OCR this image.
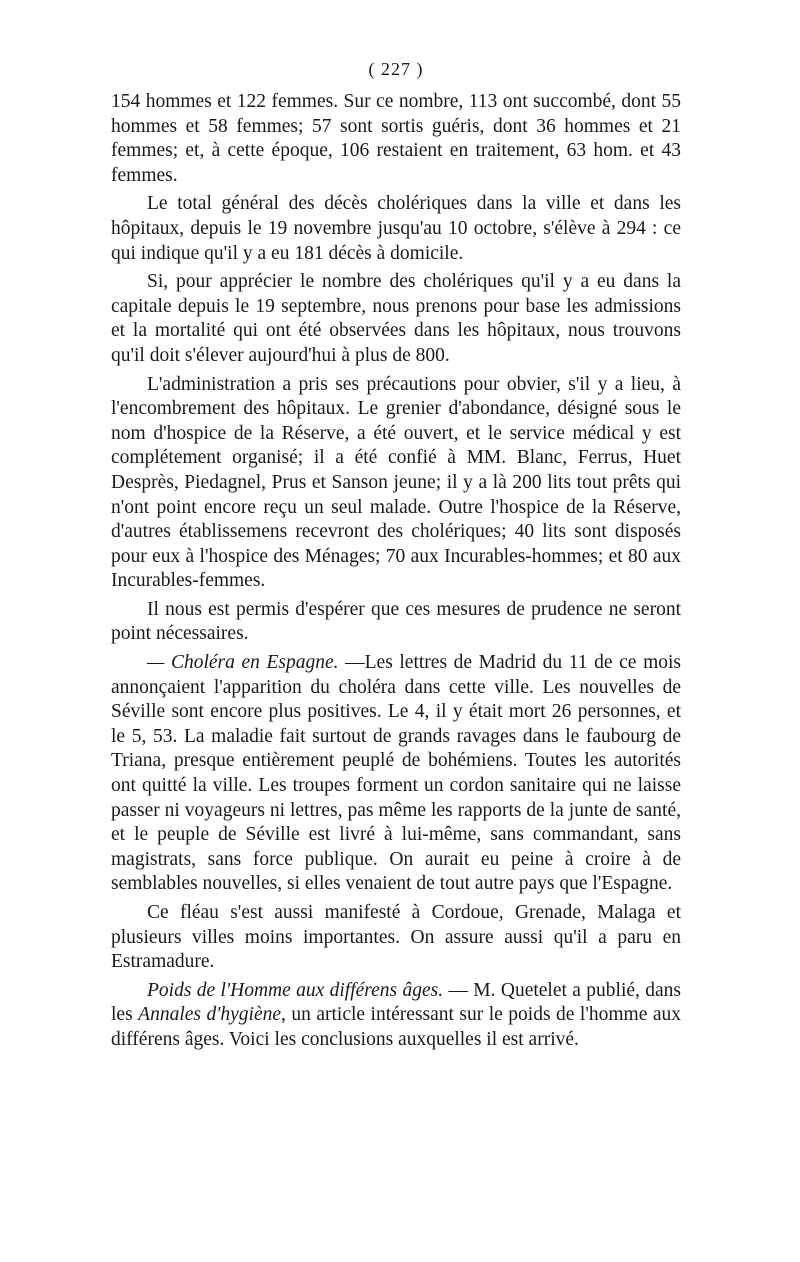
( 227 )

154 hommes et 122 femmes. Sur ce nombre, 113 ont succombé, dont 55 hommes et 58 femmes; 57 sont sortis guéris, dont 36 hommes et 21 femmes; et, à cette époque, 106 restaient en traitement, 63 hom. et 43 femmes.

Le total général des décès cholériques dans la ville et dans les hôpitaux, depuis le 19 novembre jusqu'au 10 octobre, s'élève à 294 : ce qui indique qu'il y a eu 181 décès à domicile.

Si, pour apprécier le nombre des cholériques qu'il y a eu dans la capitale depuis le 19 septembre, nous prenons pour base les admissions et la mortalité qui ont été observées dans les hôpitaux, nous trouvons qu'il doit s'élever aujourd'hui à plus de 800.

L'administration a pris ses précautions pour obvier, s'il y a lieu, à l'encombrement des hôpitaux. Le grenier d'abondance, désigné sous le nom d'hospice de la Réserve, a été ouvert, et le service médical y est complétement organisé; il a été confié à MM. Blanc, Ferrus, Huet Desprès, Piedagnel, Prus et Sanson jeune; il y a là 200 lits tout prêts qui n'ont point encore reçu un seul malade. Outre l'hospice de la Réserve, d'autres établissemens recevront des cholériques; 40 lits sont disposés pour eux à l'hospice des Ménages; 70 aux Incurables-hommes; et 80 aux Incurables-femmes.

Il nous est permis d'espérer que ces mesures de prudence ne seront point nécessaires.

— Choléra en Espagne. —Les lettres de Madrid du 11 de ce mois annonçaient l'apparition du choléra dans cette ville. Les nouvelles de Séville sont encore plus positives. Le 4, il y était mort 26 personnes, et le 5, 53. La maladie fait surtout de grands ravages dans le faubourg de Triana, presque entièrement peuplé de bohémiens. Toutes les autorités ont quitté la ville. Les troupes forment un cordon sanitaire qui ne laisse passer ni voyageurs ni lettres, pas même les rapports de la junte de santé, et le peuple de Séville est livré à lui-même, sans commandant, sans magistrats, sans force publique. On aurait eu peine à croire à de semblables nouvelles, si elles venaient de tout autre pays que l'Espagne.

Ce fléau s'est aussi manifesté à Cordoue, Grenade, Malaga et plusieurs villes moins importantes. On assure aussi qu'il a paru en Estramadure.

Poids de l'Homme aux différens âges. — M. Quetelet a publié, dans les Annales d'hygiène, un article intéressant sur le poids de l'homme aux différens âges. Voici les conclusions auxquelles il est arrivé.
